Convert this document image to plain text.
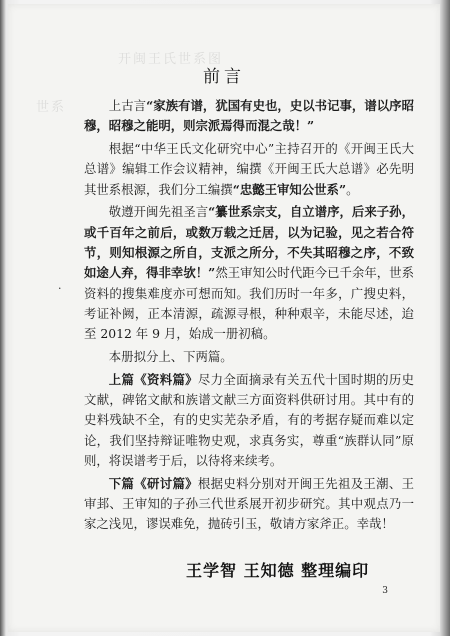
开闽王氏世系图
世系
前言

上古言“家族有谱，犹国有史也，史以书记事，谱以序昭穆，昭穆之能明，则宗派焉得而混之哉！”

根据“中华王氏文化研究中心”主持召开的《开闽王氏大总谱》编辑工作会议精神，编撰《开闽王氏大总谱》必先明其世系根源，我们分工编撰“忠懿王审知公世系”。

敬遵开闽先祖圣言“纂世系宗支，自立谱序，后来子孙，或千百年之前后，或数万载之迁居，以为记验，见之若合符节，则知根源之所自，支派之所分，不失其昭穆之序，不致如途人弃，得非幸欤！”然王审知公时代距今已千余年，世系资料的搜集难度亦可想而知。我们历时一年多，广搜史料，考证补阙，正本清源，疏源寻根，种种艰辛，未能尽述，迨至 2012 年 9 月，始成一册初稿。

本册拟分上、下两篇。

上篇《资料篇》尽力全面摘录有关五代十国时期的历史文献，碑铭文献和族谱文献三方面资料供研讨用。其中有的史料残缺不全，有的史实芜杂矛盾，有的考据存疑而难以定论，我们坚持辩证唯物史观，求真务实，尊重“族群认同”原则，将误谱考于后，以待将来续考。

下篇《研讨篇》根据史料分别对开闽王先祖及王潮、王审邽、王审知的子孙三代世系展开初步研究。其中观点乃一家之浅见，谬误难免，抛砖引玉，敬请方家斧正。幸哉！

·
王学智 王知德 整理编印
3
